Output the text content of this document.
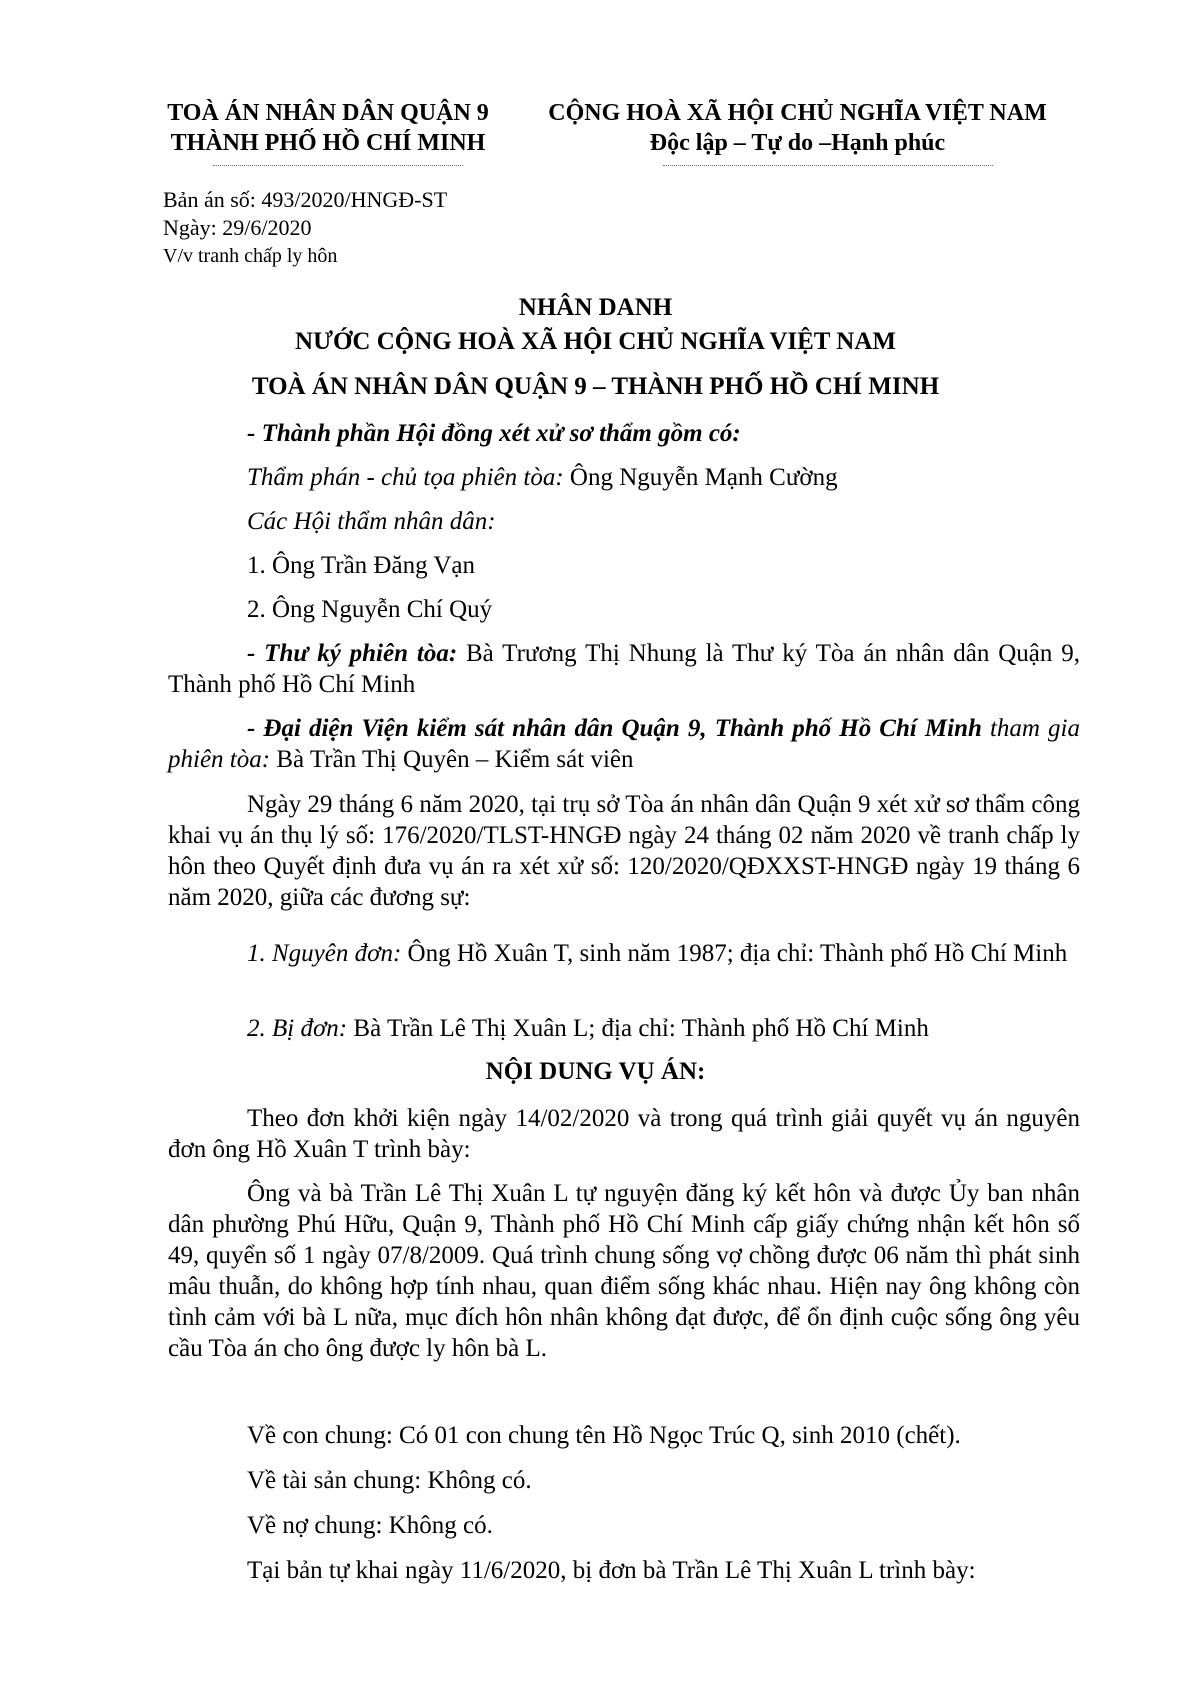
TOÀ ÁN NHÂN DÂN QUẬN 9
THÀNH PHỐ HỒ CHÍ MINH
CỘNG HOÀ XÃ HỘI CHỦ NGHĨA VIỆT NAM
Độc lập – Tự do –Hạnh phúc
Bản án số: 493/2020/HNGĐ-ST
Ngày: 29/6/2020
V/v tranh chấp ly hôn
NHÂN DANH
NƯỚC CỘNG HOÀ XÃ HỘI CHỦ NGHĨA VIỆT NAM
TOÀ ÁN NHÂN DÂN QUẬN 9 – THÀNH PHỐ HỒ CHÍ MINH
- Thành phần Hội đồng xét xử sơ thẩm gồm có:
Thẩm phán - chủ tọa phiên tòa: Ông Nguyễn Mạnh Cường
Các Hội thẩm nhân dân:
1. Ông Trần Đăng Vạn
2. Ông Nguyễn Chí Quý
- Thư ký phiên tòa: Bà Trương Thị Nhung là Thư ký Tòa án nhân dân Quận 9, Thành phố Hồ Chí Minh
- Đại diện Viện kiểm sát nhân dân Quận 9, Thành phố Hồ Chí Minh tham gia phiên tòa: Bà Trần Thị Quyên – Kiểm sát viên
Ngày 29 tháng 6 năm 2020, tại trụ sở Tòa án nhân dân Quận 9 xét xử sơ thẩm công khai vụ án thụ lý số: 176/2020/TLST-HNGĐ ngày 24 tháng 02 năm 2020 về tranh chấp ly hôn theo Quyết định đưa vụ án ra xét xử số: 120/2020/QĐXXST-HNGĐ ngày 19 tháng 6 năm 2020, giữa các đương sự:
1. Nguyên đơn: Ông Hồ Xuân T, sinh năm 1987; địa chỉ: Thành phố Hồ Chí Minh
2. Bị đơn: Bà Trần Lê Thị Xuân L; địa chỉ: Thành phố Hồ Chí Minh
NỘI DUNG VỤ ÁN:
Theo đơn khởi kiện ngày 14/02/2020 và trong quá trình giải quyết vụ án nguyên đơn ông Hồ Xuân T trình bày:
Ông và bà Trần Lê Thị Xuân L tự nguyện đăng ký kết hôn và được Ủy ban nhân dân phường Phú Hữu, Quận 9, Thành phố Hồ Chí Minh cấp giấy chứng nhận kết hôn số 49, quyển số 1 ngày 07/8/2009. Quá trình chung sống vợ chồng được 06 năm thì phát sinh mâu thuẫn, do không hợp tính nhau, quan điểm sống khác nhau. Hiện nay ông không còn tình cảm với bà L nữa, mục đích hôn nhân không đạt được, để ổn định cuộc sống ông yêu cầu Tòa án cho ông được ly hôn bà L.
Về con chung: Có 01 con chung tên Hồ Ngọc Trúc Q, sinh 2010 (chết).
Về tài sản chung: Không có.
Về nợ chung: Không có.
Tại bản tự khai ngày 11/6/2020, bị đơn bà Trần Lê Thị Xuân L trình bày:
